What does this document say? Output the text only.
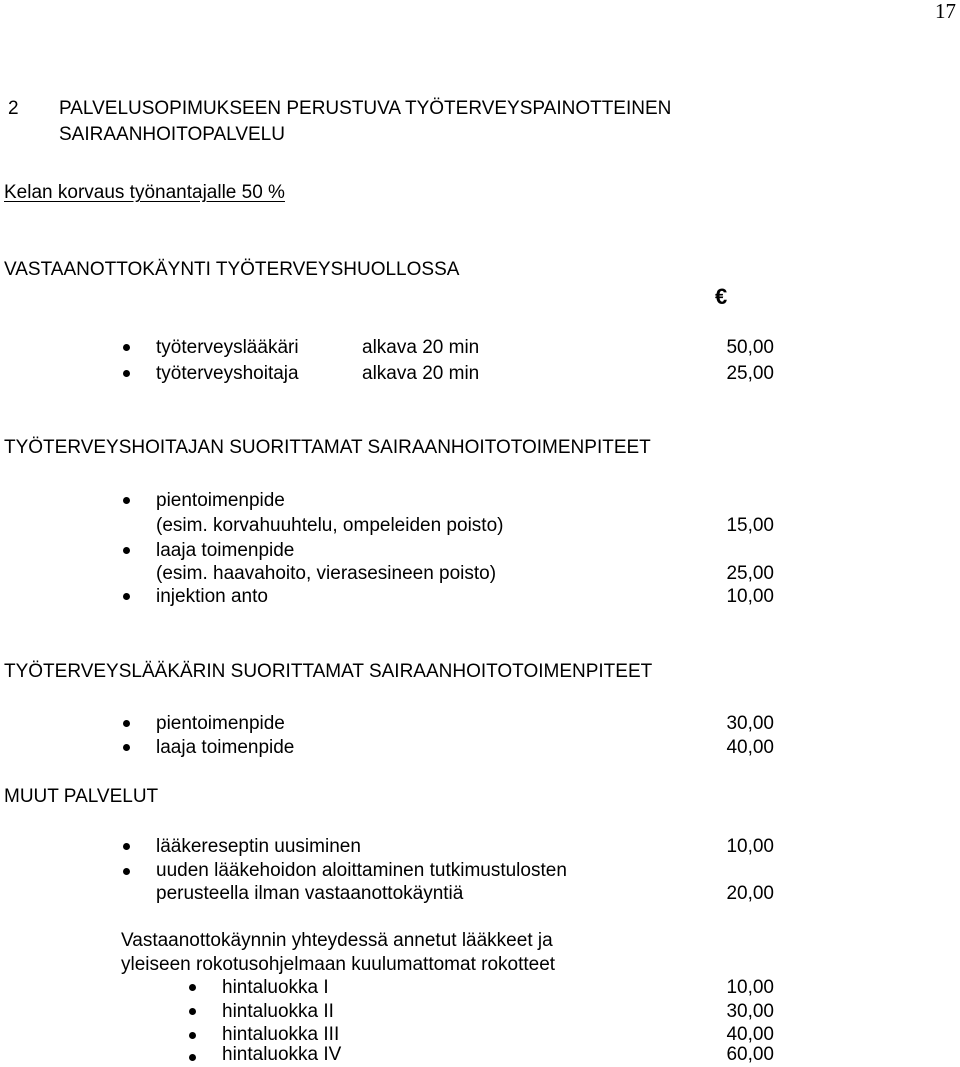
17
2 PALVELUSOPIMUKSEEN PERUSTUVA TYÖTERVEYSPAINOTTEINEN
SAIRAANHOITOPALVELU
Kelan korvaus työnantajalle 50 %
VASTAANOTTOKÄYNTI TYÖTERVEYSHUOLLOSSA
€
työterveyslääkäri	alkava 20 min	50,00
työterveyshoitaja	alkava 20 min	25,00
TYÖTERVEYSHOITAJAN SUORITTAMAT SAIRAANHOITOTOIMENPITEET
pientoimenpide
(esim. korvahuuhtelu, ompeleiden poisto)	15,00
laaja toimenpide
(esim. haavahoito, vierasesineen poisto)	25,00
injektion anto	10,00
TYÖTERVEYSLÄÄKÄRIN SUORITTAMAT SAIRAANHOITOTOIMENPITEET
pientoimenpide	30,00
laaja toimenpide	40,00
MUUT PALVELUT
lääkereseptin uusiminen	10,00
uuden lääkehoidon aloittaminen tutkimustulosten
perusteella ilman vastaanottokäyntiä	20,00
Vastaanottokäynnin yhteydessä annetut lääkkeet ja
yleiseen rokotusohjelmaan kuulumattomat rokotteet
hintaluokka I	10,00
hintaluokka II	30,00
hintaluokka III	40,00
hintaluokka IV	60,00
